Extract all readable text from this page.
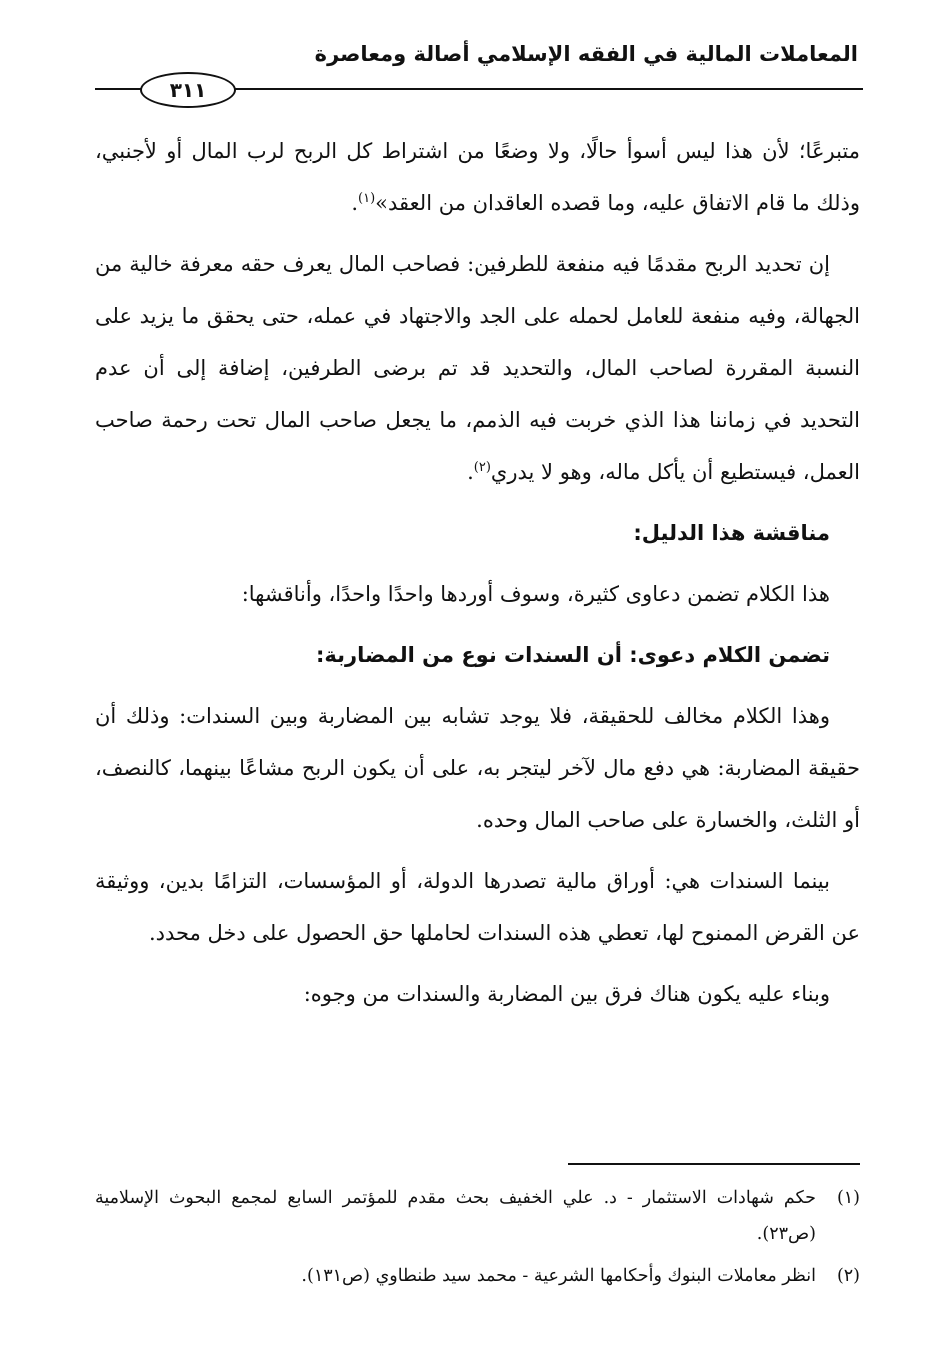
المعاملات المالية في الفقه الإسلامي أصالة ومعاصرة
٣١١

متبرعًا؛ لأن هذا ليس أسوأ حالًا، ولا وضعًا من اشتراط كل الربح لرب المال أو لأجنبي، وذلك ما قام الاتفاق عليه، وما قصده العاقدان من العقد»$^{(١)}$.

إن تحديد الربح مقدمًا فيه منفعة للطرفين: فصاحب المال يعرف حقه معرفة خالية من الجهالة، وفيه منفعة للعامل لحمله على الجد والاجتهاد في عمله، حتى يحقق ما يزيد على النسبة المقررة لصاحب المال، والتحديد قد تم برضى الطرفين، إضافة إلى أن عدم التحديد في زماننا هذا الذي خربت فيه الذمم، ما يجعل صاحب المال تحت رحمة صاحب العمل، فيستطيع أن يأكل ماله، وهو لا يدري$^{(٢)}$.

مناقشة هذا الدليل:

هذا الكلام تضمن دعاوى كثيرة، وسوف أوردها واحدًا واحدًا، وأناقشها:

تضمن الكلام دعوى: أن السندات نوع من المضاربة:

وهذا الكلام مخالف للحقيقة، فلا يوجد تشابه بين المضاربة وبين السندات: وذلك أن حقيقة المضاربة: هي دفع مال لآخر ليتجر به، على أن يكون الربح مشاعًا بينهما، كالنصف، أو الثلث، والخسارة على صاحب المال وحده.

بينما السندات هي: أوراق مالية تصدرها الدولة، أو المؤسسات، التزامًا بدين، ووثيقة عن القرض الممنوح لها، تعطي هذه السندات لحاملها حق الحصول على دخل محدد.

وبناء عليه يكون هناك فرق بين المضاربة والسندات من وجوه:

(١)
حكم شهادات الاستثمار - د. علي الخفيف بحث مقدم للمؤتمر السابع لمجمع البحوث الإسلامية (ص٢٣).
(٢)
انظر معاملات البنوك وأحكامها الشرعية - محمد سيد طنطاوي (ص١٣١).
